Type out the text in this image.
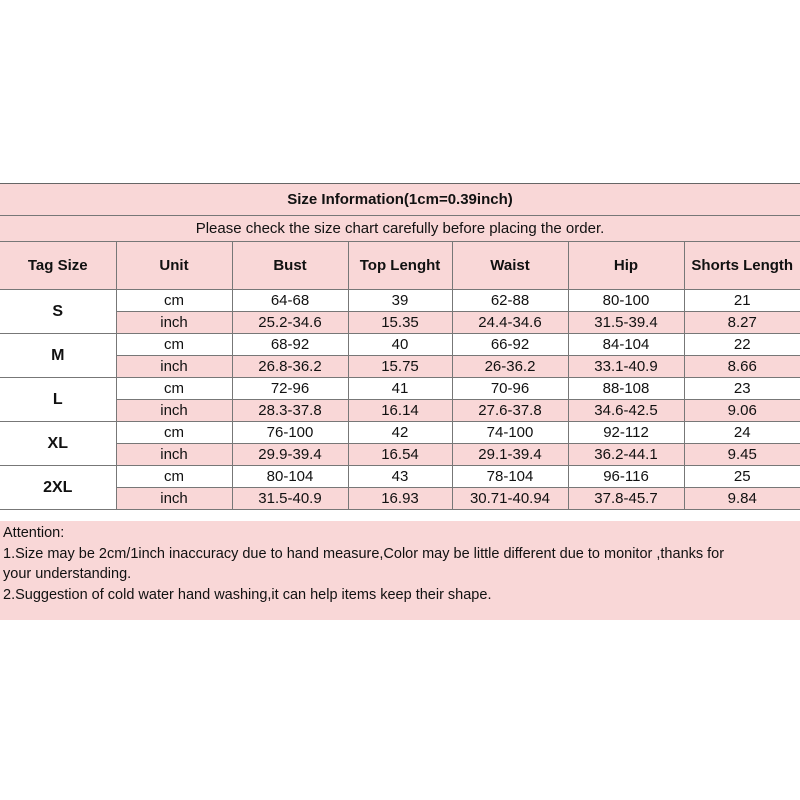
Size Information(1cm=0.39inch)
Please check the size chart carefully before placing the order.
Tag Size	Unit	Bust	Top Lenght	Waist	Hip	Shorts Length
S	cm	64-68	39	62-88	80-100	21
	inch	25.2-34.6	15.35	24.4-34.6	31.5-39.4	8.27
M	cm	68-92	40	66-92	84-104	22
	inch	26.8-36.2	15.75	26-36.2	33.1-40.9	8.66
L	cm	72-96	41	70-96	88-108	23
	inch	28.3-37.8	16.14	27.6-37.8	34.6-42.5	9.06
XL	cm	76-100	42	74-100	92-112	24
	inch	29.9-39.4	16.54	29.1-39.4	36.2-44.1	9.45
2XL	cm	80-104	43	78-104	96-116	25
	inch	31.5-40.9	16.93	30.71-40.94	37.8-45.7	9.84
Attention:
1.Size may be 2cm/1inch inaccuracy due to hand measure,Color may be little different due to monitor ,thanks for
your understanding.
2.Suggestion of cold water hand washing,it can help items keep their shape.
